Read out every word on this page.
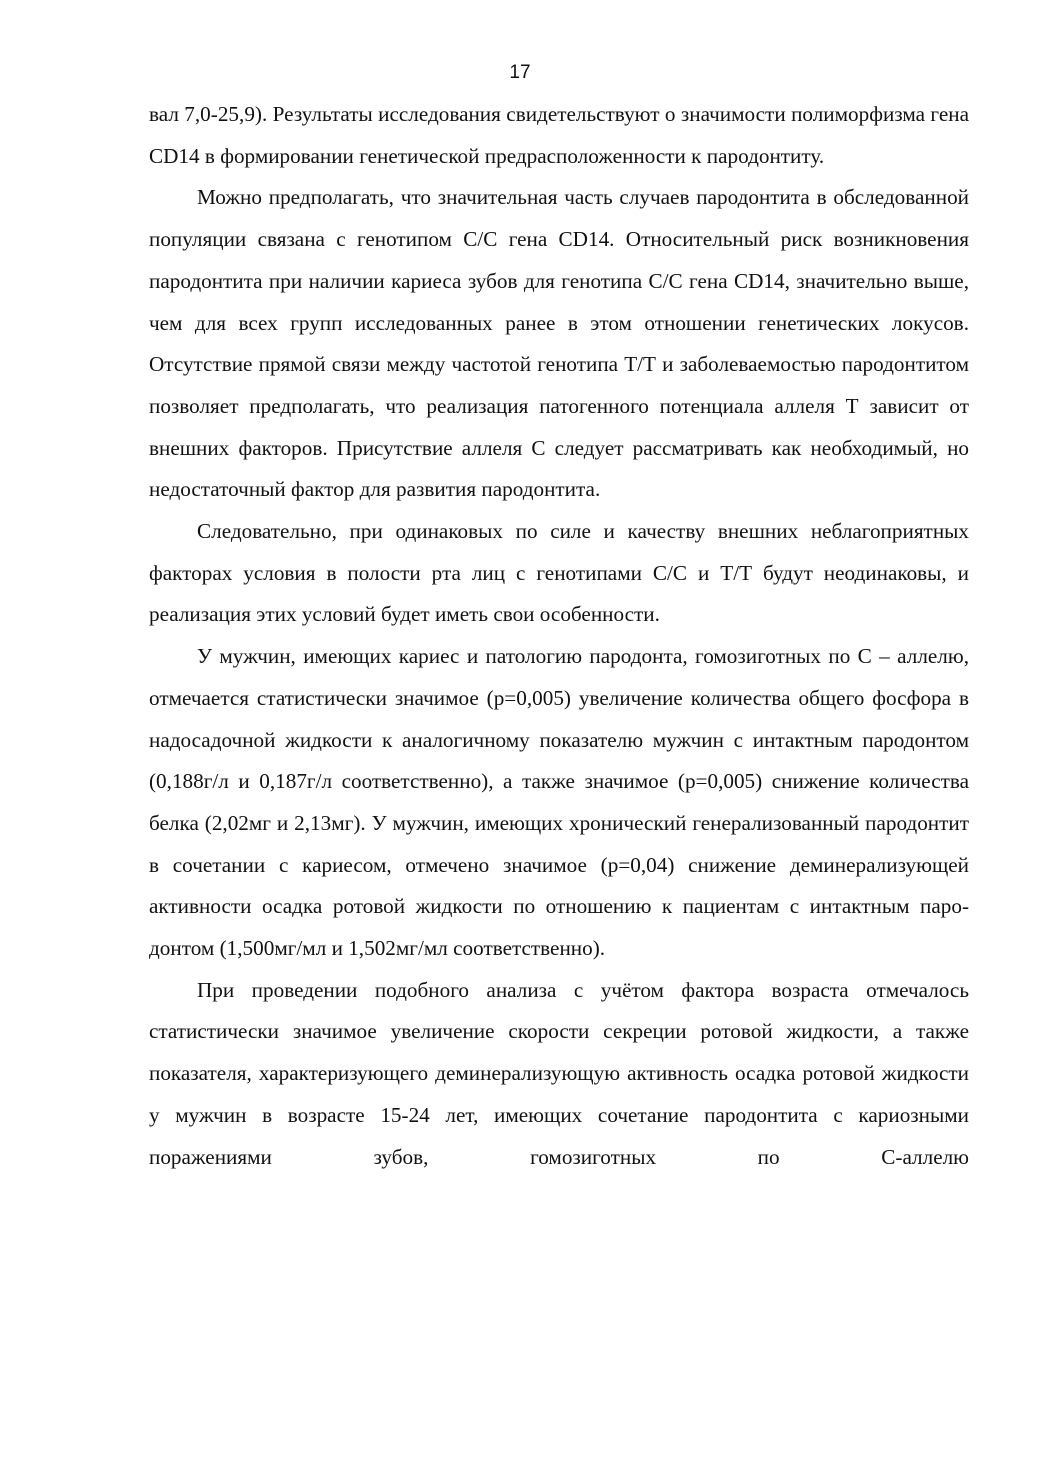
17

вал 7,0-25,9). Результаты исследования свидетельствуют о значимости полиморфизма гена CD14 в формировании генетической предрасположенности к пародонтиту.

Можно предполагать, что значительная часть случаев пародонтита в обследованной популяции связана с генотипом С/С гена CD14. Относительный риск возникновения пародонтита при наличии кариеса зубов для генотипа С/С гена CD14, значительно выше, чем для всех групп исследованных ранее в этом отношении генетических локусов. Отсутствие прямой связи между частотой генотипа Т/Т и заболеваемостью пародонтитом позволяет предполагать, что реализация патогенного потенциала аллеля Т зависит от внешних факторов. Присутствие аллеля С следует рассматривать как необходимый, но недостаточный фактор для развития пародонтита.

Следовательно, при одинаковых по силе и качеству внешних неблагоприятных факторах условия в полости рта лиц с генотипами С/С и Т/Т будут неодинаковы, и реализация этих условий будет иметь свои особенности.

У мужчин, имеющих кариес и патологию пародонта, гомозиготных по С – аллелю, отмечается статистически значимое (р=0,005) увеличение количества общего фосфора в надосадочной жидкости к аналогичному показателю мужчин с интактным пародонтом (0,188г/л и 0,187г/л соответственно), а также значимое (р=0,005) снижение количества белка (2,02мг и 2,13мг). У мужчин, имеющих хронический генерализованный пародонтит в сочетании с кариесом, отмечено значимое (р=0,04) снижение деминерализующей активности осадка ротовой жидкости по отношению к пациентам с интактным пародонтом (1,500мг/мл и 1,502мг/мл соответственно).

При проведении подобного анализа с учётом фактора возраста отмечалось статистически значимое увеличение скорости секреции ротовой жидкости, а также показателя, характеризующего деминерализующую активность осадка ротовой жидкости у мужчин в возрасте 15-24 лет, имеющих сочетание пародонтита с кариозными поражениями зубов, гомозиготных по С-аллелю
